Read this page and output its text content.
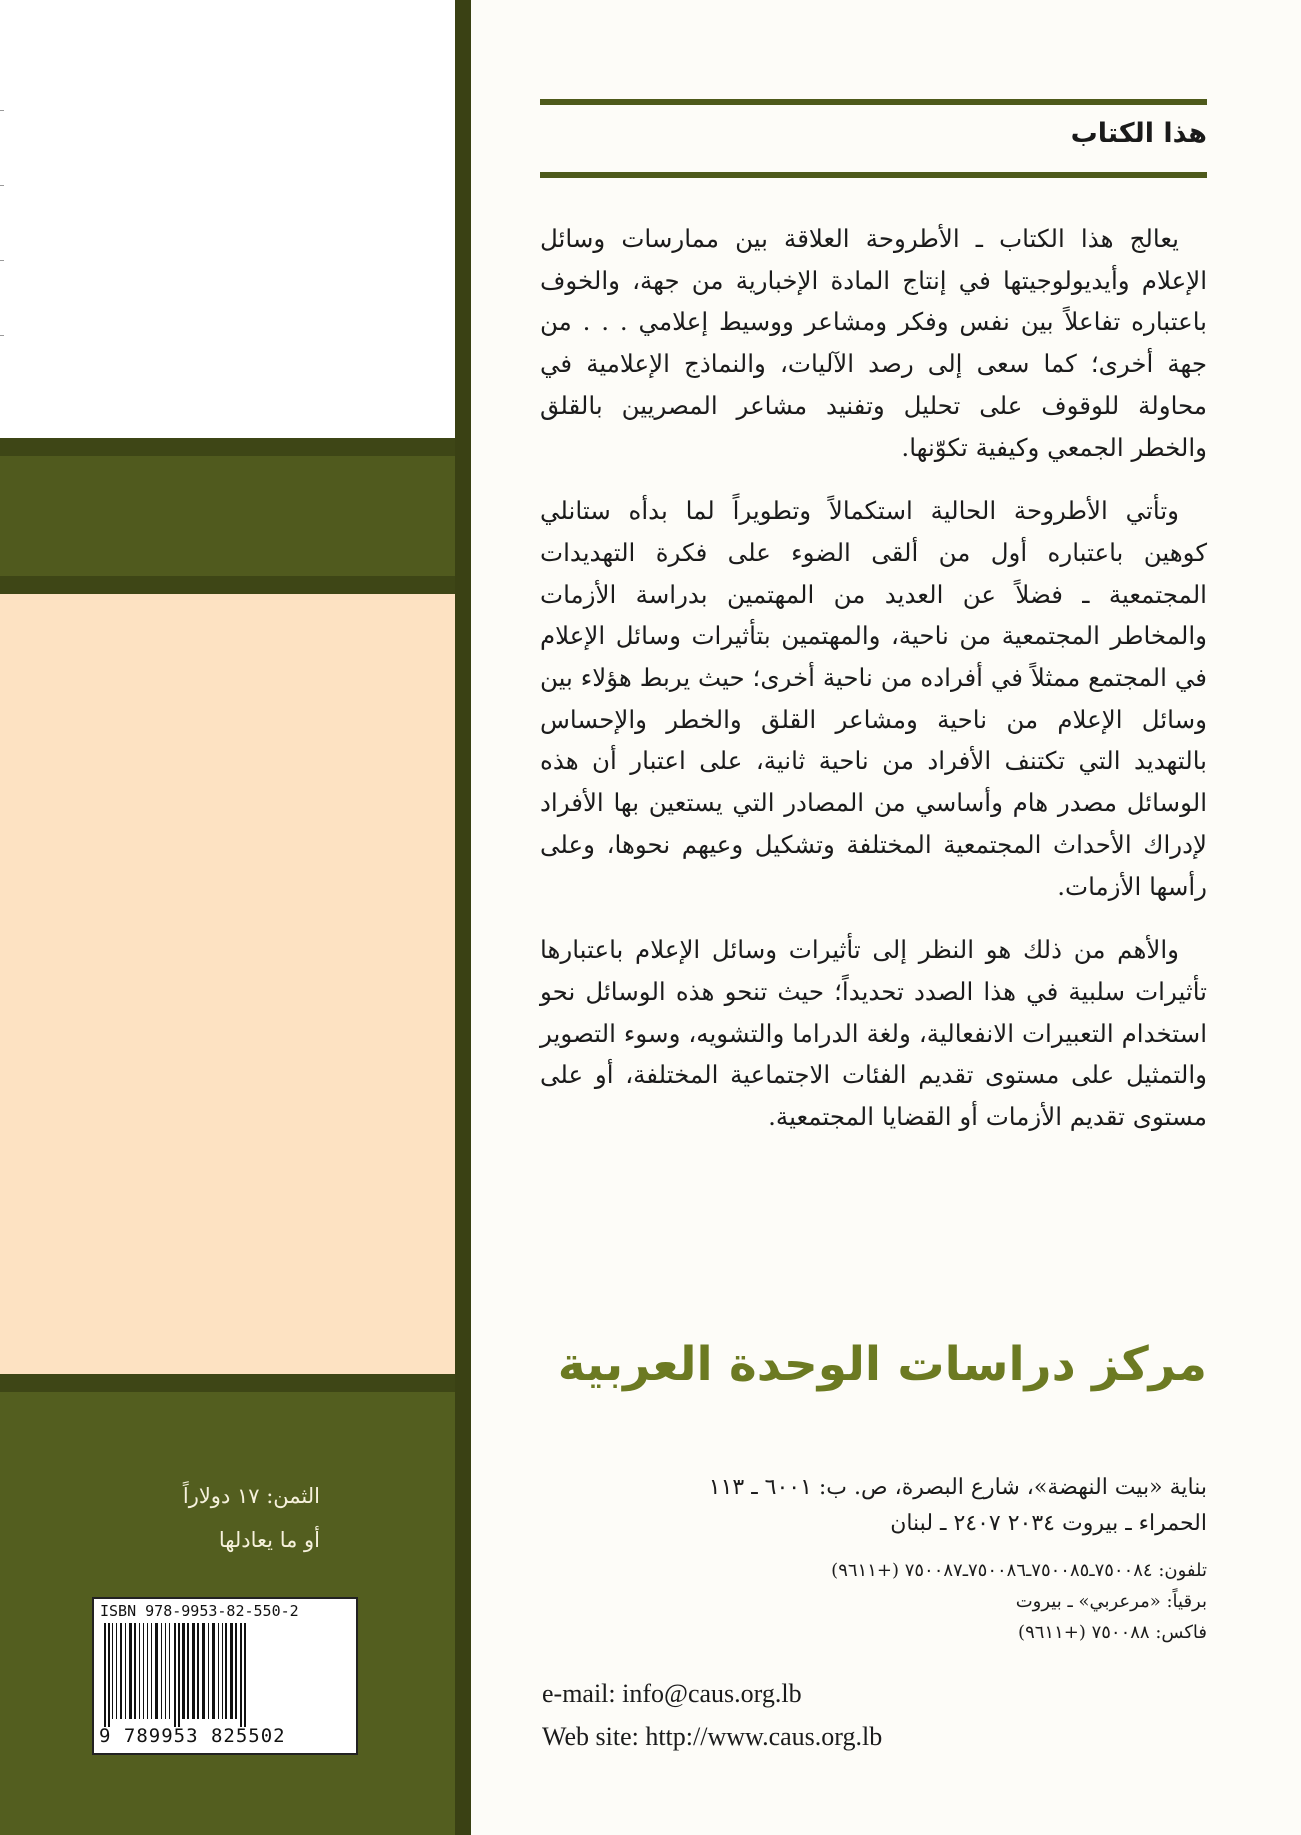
هذا الكتاب

يعالج هذا الكتاب ـ الأطروحة العلاقة بين ممارسات وسائل الإعلام وأيديولوجيتها في إنتاج المادة الإخبارية من جهة، والخوف باعتباره تفاعلاً بين نفس وفكر ومشاعر ووسيط إعلامي . . . من جهة أخرى؛ كما سعى إلى رصد الآليات، والنماذج الإعلامية في محاولة للوقوف على تحليل وتفنيد مشاعر المصريين بالقلق والخطر الجمعي وكيفية تكوّنها.

وتأتي الأطروحة الحالية استكمالاً وتطويراً لما بدأه ستانلي كوهين باعتباره أول من ألقى الضوء على فكرة التهديدات المجتمعية ـ فضلاً عن العديد من المهتمين بدراسة الأزمات والمخاطر المجتمعية من ناحية، والمهتمين بتأثيرات وسائل الإعلام في المجتمع ممثلاً في أفراده من ناحية أخرى؛ حيث يربط هؤلاء بين وسائل الإعلام من ناحية ومشاعر القلق والخطر والإحساس بالتهديد التي تكتنف الأفراد من ناحية ثانية، على اعتبار أن هذه الوسائل مصدر هام وأساسي من المصادر التي يستعين بها الأفراد لإدراك الأحداث المجتمعية المختلفة وتشكيل وعيهم نحوها، وعلى رأسها الأزمات.

والأهم من ذلك هو النظر إلى تأثيرات وسائل الإعلام باعتبارها تأثيرات سلبية في هذا الصدد تحديداً؛ حيث تنحو هذه الوسائل نحو استخدام التعبيرات الانفعالية، ولغة الدراما والتشويه، وسوء التصوير والتمثيل على مستوى تقديم الفئات الاجتماعية المختلفة، أو على مستوى تقديم الأزمات أو القضايا المجتمعية.

مركز دراسات الوحدة العربية
بناية «بيت النهضة»، شارع البصرة، ص. ب: ٦٠٠١ ـ ١١٣
الحمراء ـ بيروت ٢٠٣٤ ٢٤٠٧ ـ لبنان
تلفون: ٧٥٠٠٨٤ـ٧٥٠٠٨٥ـ٧٥٠٠٨٦ـ٧٥٠٠٨٧ (+٩٦١١)
برقياً: «مرعربي» ـ بيروت
فاكس: ٧٥٠٠٨٨ (+٩٦١١)
e-mail: info@caus.org.lb
Web site: http://www.caus.org.lb
الثمن: ١٧ دولاراً
أو ما يعادلها
ISBN 978-9953-82-550-2
9 789953 825502
